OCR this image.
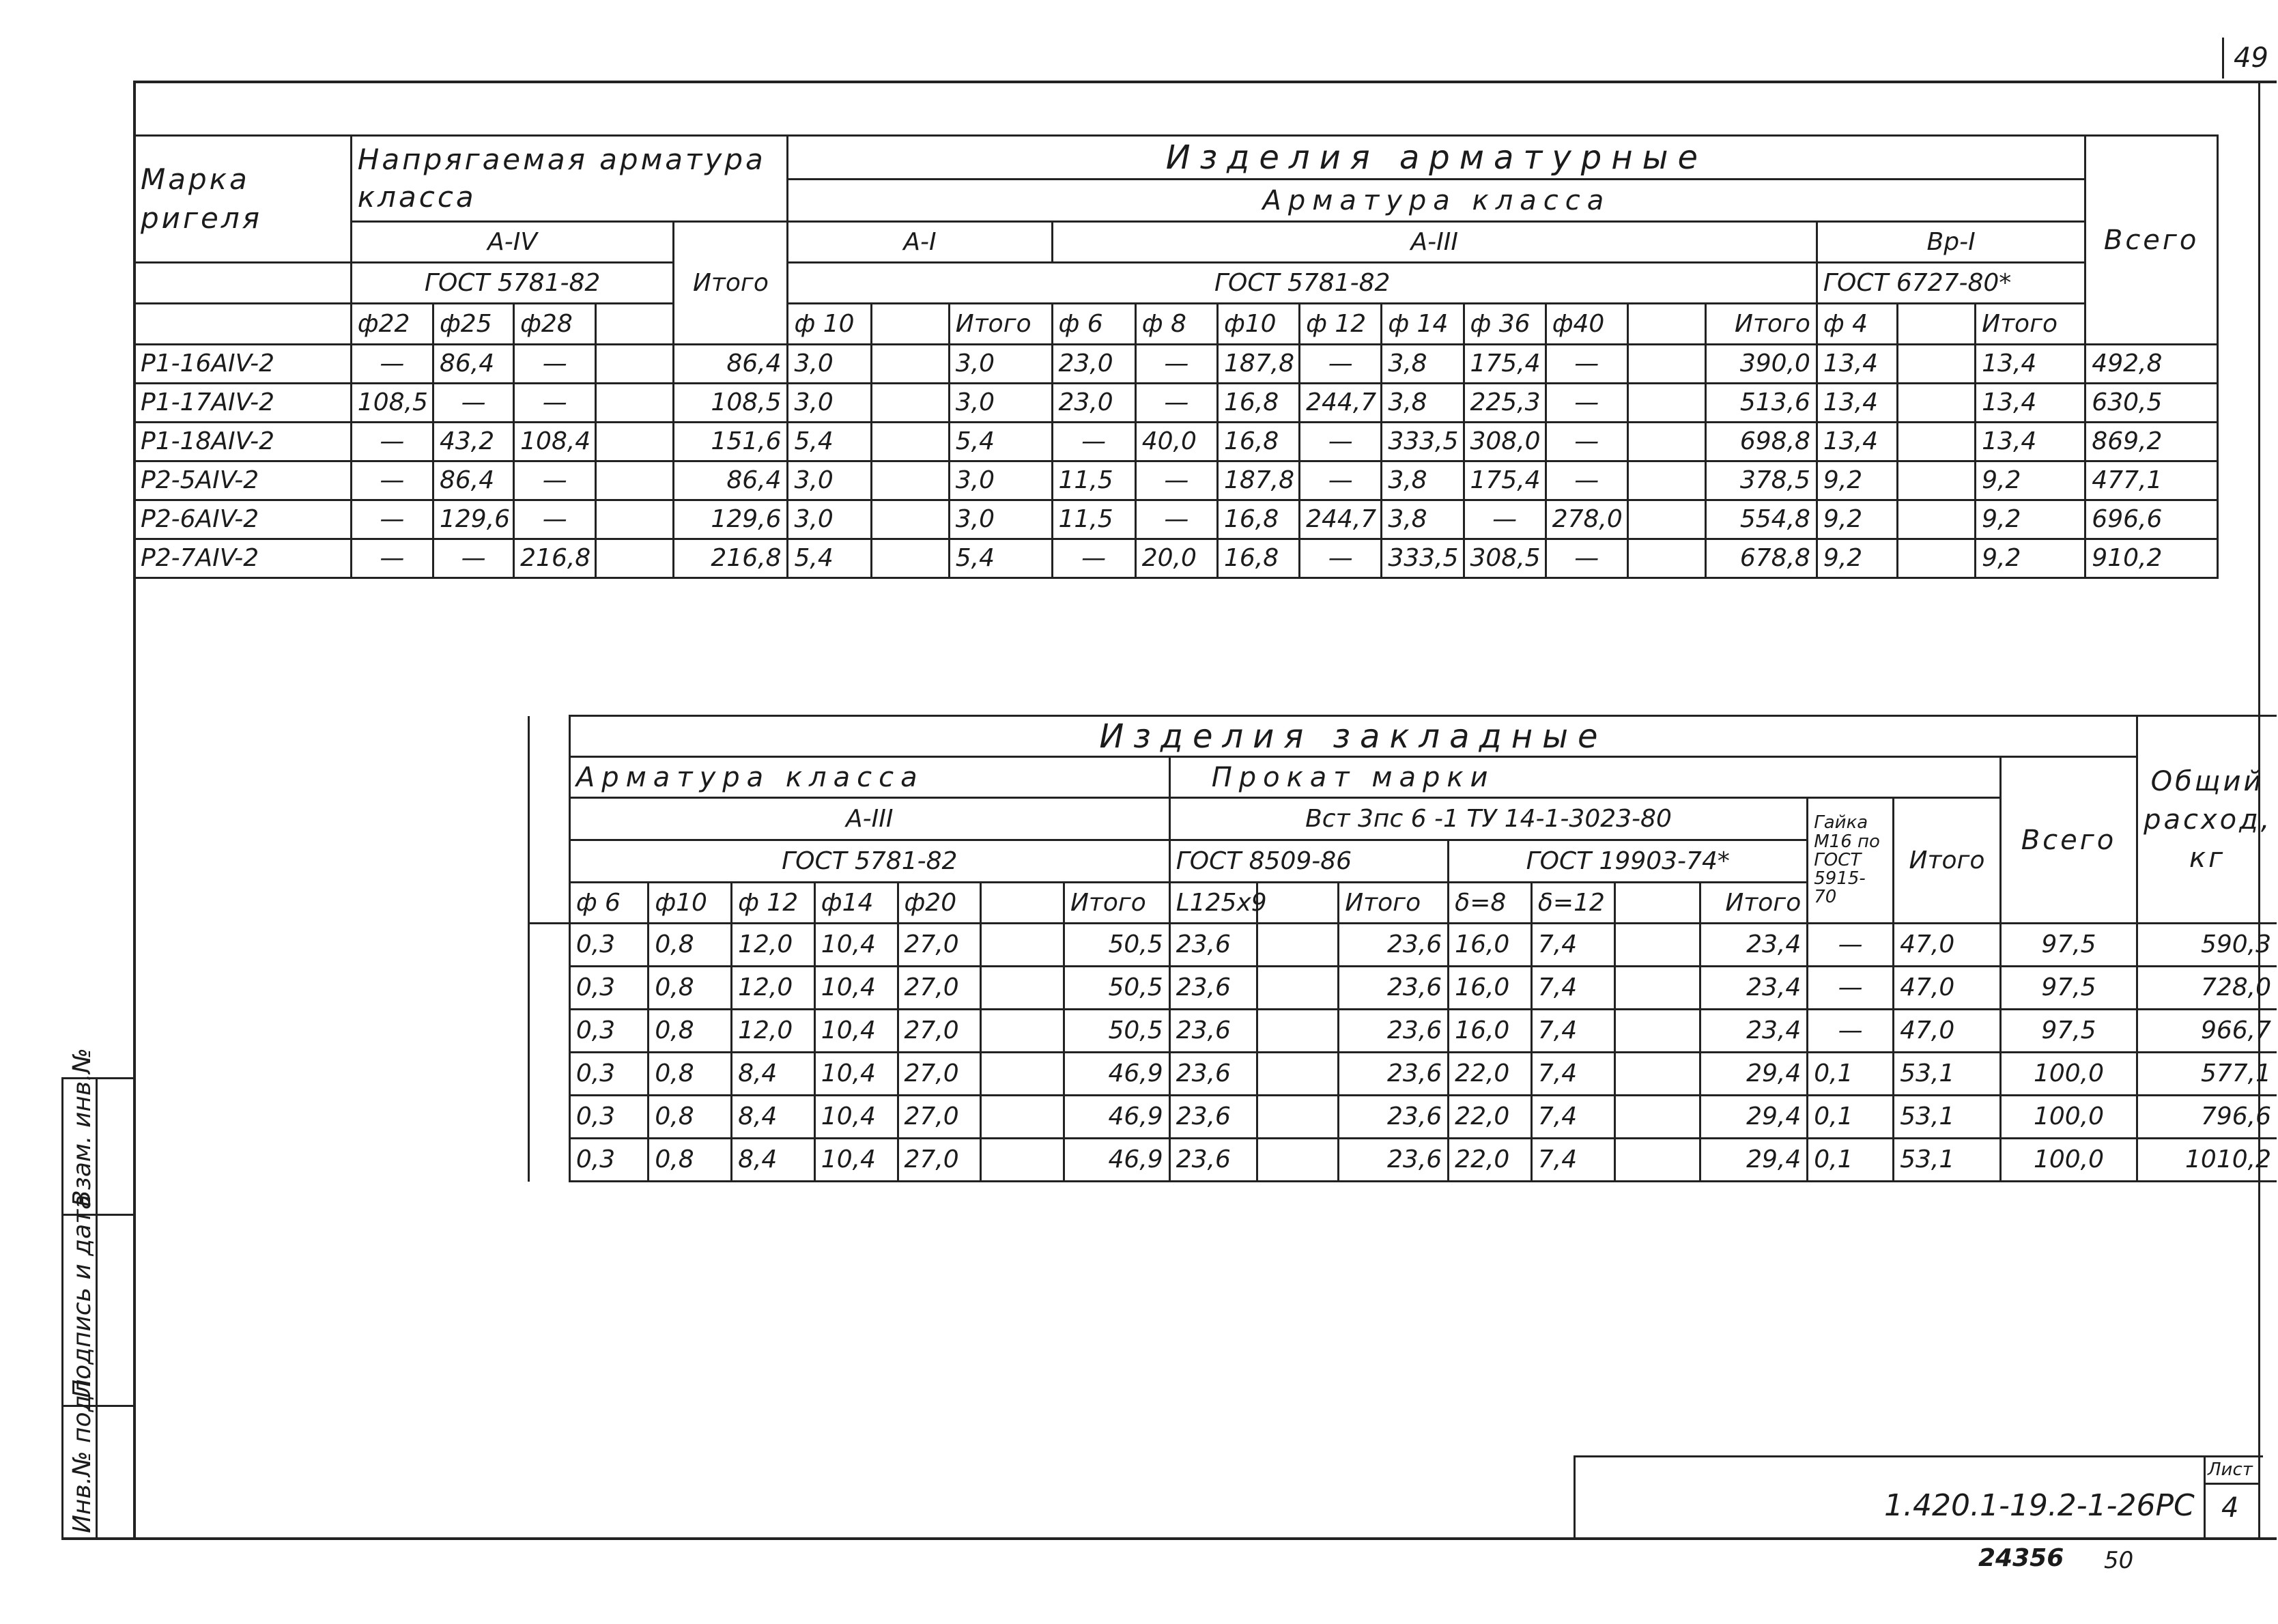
49
Марка ригеля	Напрягаемая арматура класса					Изделия арматурные															Всего
						Арматура класса															
	А-IV				Итого	А-I			А-III									Вр-I			
	ГОСТ 5781-82					ГОСТ 5781-82												ГОСТ 6727-80*			
	ф22	ф25	ф28			ф 10		Итого	ф 6	ф 8	ф10	ф 12	ф 14	ф 36	ф40		Итого	ф 4		Итого	
Р1-16АIV-2	—	86,4	—		86,4	3,0		3,0	23,0	—	187,8	—	3,8	175,4	—		390,0	13,4		13,4	492,8
Р1-17АIV-2	108,5	—	—		108,5	3,0		3,0	23,0	—	16,8	244,7	3,8	225,3	—		513,6	13,4		13,4	630,5
Р1-18АIV-2	—	43,2	108,4		151,6	5,4		5,4	—	40,0	16,8	—	333,5	308,0	—		698,8	13,4		13,4	869,2
Р2-5АIV-2	—	86,4	—		86,4	3,0		3,0	11,5	—	187,8	—	3,8	175,4	—		378,5	9,2		9,2	477,1
Р2-6АIV-2	—	129,6	—		129,6	3,0		3,0	11,5	—	16,8	244,7	3,8	—	278,0		554,8	9,2		9,2	696,6
Р2-7АIV-2	—	—	216,8		216,8	5,4		5,4	—	20,0	16,8	—	333,5	308,5	—		678,8	9,2		9,2	910,2
	Изделия закладные																	Общий расход, кг
	Арматура класса							Прокат марки									Всего	
	А-III							Вст 3пс 6 -1 ТУ 14-1-3023-80							Гайка М16 по ГОСТ 5915-70	Итого		
	ГОСТ 5781-82							ГОСТ 8509-86			ГОСТ 19903-74*							
	ф 6	ф10	ф 12	ф14	ф20		Итого	L125х9		Итого	δ=8	δ=12		Итого				
	0,3	0,8	12,0	10,4	27,0		50,5	23,6		23,6	16,0	7,4		23,4	—	47,0	97,5	590,3
	0,3	0,8	12,0	10,4	27,0		50,5	23,6		23,6	16,0	7,4		23,4	—	47,0	97,5	728,0
	0,3	0,8	12,0	10,4	27,0		50,5	23,6		23,6	16,0	7,4		23,4	—	47,0	97,5	966,7
	0,3	0,8	8,4	10,4	27,0		46,9	23,6		23,6	22,0	7,4		29,4	0,1	53,1	100,0	577,1
	0,3	0,8	8,4	10,4	27,0		46,9	23,6		23,6	22,0	7,4		29,4	0,1	53,1	100,0	796,6
	0,3	0,8	8,4	10,4	27,0		46,9	23,6		23,6	22,0	7,4		29,4	0,1	53,1	100,0	1010,2
Взам. инв.№
Подпись и дата
Инв.№ подл.	1.420.1-19.2-1-26РС
Лист
4
24356 50
